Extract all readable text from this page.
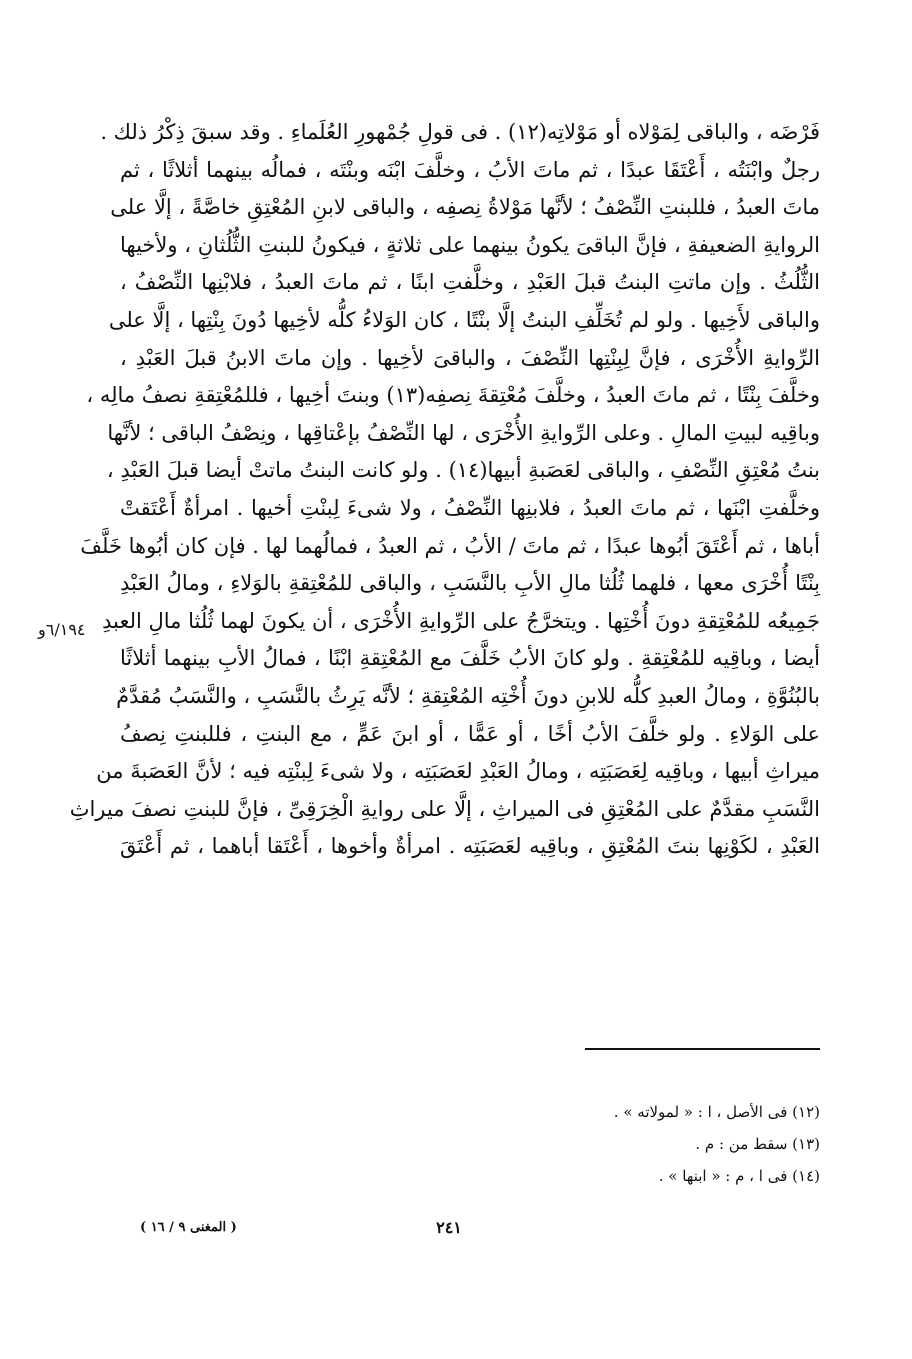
فَرْضَه ، والباقى لِمَوْلاه أو مَوْلاتِه(١٢) . فى قولِ جُمْهورِ العُلَماءِ . وقد سبقَ ذِكْرُ ذلك .
رجلٌ وابْنَتُه ، أَعْتَقَا عبدًا ، ثم ماتَ الأبُ ، وخلَّفَ ابْنَه وبنْتَه ، فمالُه بينهما أثلاثًا ، ثم
ماتَ العبدُ ، فللبنتِ النِّصْفُ ؛ لأنَّها مَوْلاةُ نِصفِه ، والباقى لابنِ المُعْتِقِ خاصَّةً ، إلَّا على
الروايةِ الضعيفةِ ، فإنَّ الباقىَ يكونُ بينهما على ثلاثةٍ ، فيكونُ للبنتِ الثُّلُثانِ ، ولأخيها
الثُّلُثُ . وإن ماتتِ البنتُ قبلَ العَبْدِ ، وخلَّفتِ ابنًا ، ثم ماتَ العبدُ ، فلابْنِها النِّصْفُ ،
والباقى لأَخِيها . ولو لم تُخَلِّفِ البنتُ إلَّا بنْتًا ، كان الوَلاءُ كلُّه لأخِيها دُونَ بِنْتِها ، إلَّا على
الرِّوايةِ الأُخْرَى ، فإنَّ لِبِنْتِها النِّصْفَ ، والباقىَ لأخِيها . وإن ماتَ الابنُ قبلَ العَبْدِ ،
وخلَّفَ بِنْتًا ، ثم ماتَ العبدُ ، وخلَّفَ مُعْتِقةَ نِصفِه(١٣) وبنتَ أخِيها ، فللمُعْتِقةِ نصفُ مالِه ،
وباقِيه لبيتِ المالِ . وعلى الرِّوايةِ الأُخْرَى ، لها النِّصْفُ بإعْتاقِها ، ونِصْفُ الباقى ؛ لأنَّها
بنتُ مُعْتِقِ النِّصْفِ ، والباقى لعَصَبةِ أبيها(١٤) . ولو كانت البنتُ ماتتْ أيضا قبلَ العَبْدِ ،
وخلَّفتِ ابْنَها ، ثم ماتَ العبدُ ، فلابنِها النِّصْفُ ، ولا شىءَ لِبنْتِ أخيها . امرأةٌ أَعْتَقتْ
أباها ، ثم أَعْتَقَ أبُوها عبدًا ، ثم ماتَ / الأبُ ، ثم العبدُ ، فمالُهما لها . فإن كان أبُوها خَلَّفَ
بِنْتًا أُخْرَى معها ، فلهما ثُلُثا مالِ الأبِ بالنَّسَبِ ، والباقى للمُعْتِقةِ بالوَلاءِ ، ومالُ العَبْدِ
جَمِيعُه للمُعْتِقةِ دونَ أُخْتِها . ويتخرَّجُ على الرِّوايةِ الأُخْرَى ، أن يكونَ لهما ثُلُثا مالِ العبدِ
أيضا ، وباقِيه للمُعْتِقةِ . ولو كانَ الأبُ خَلَّفَ مع المُعْتِقةِ ابْنًا ، فمالُ الأبِ بينهما أثلاثًا
بالبُنُوَّةِ ، ومالُ العبدِ كلُّه للابنِ دونَ أُخْتِه المُعْتِقةِ ؛ لأنَّه يَرِثُ بالنَّسَبِ ، والنَّسَبُ مُقدَّمٌ
على الوَلاءِ . ولو خلَّفَ الأبُ أخًا ، أو عَمًّا ، أو ابنَ عَمٍّ ، مع البنتِ ، فللبنتِ نِصفُ
ميراثِ أبيها ، وباقِيه لِعَصَبَتِه ، ومالُ العَبْدِ لعَصَبَتِه ، ولا شىءَ لِبنْتِه فيه ؛ لأنَّ العَصَبةَ من
النَّسَبِ مقدَّمٌ على المُعْتِقِ فى الميراثِ ، إلَّا على روايةِ الْخِرَقِىِّ ، فإنَّ للبنتِ نصفَ ميراثِ
العَبْدِ ، لكَوْنِها بنتَ المُعْتِقِ ، وباقِيه لعَصَبَتِه . امرأةٌ وأخوها ، أَعْتَقا أباهما ، ثم أَعْتَقَ
٦/١٩٤و
(١٢) فى الأصل ، ا : « لمولاته » .
(١٣) سقط من : م .
(١٤) فى ا ، م : « ابنها » .
٢٤١
( المغنى ٩ / ١٦ )
